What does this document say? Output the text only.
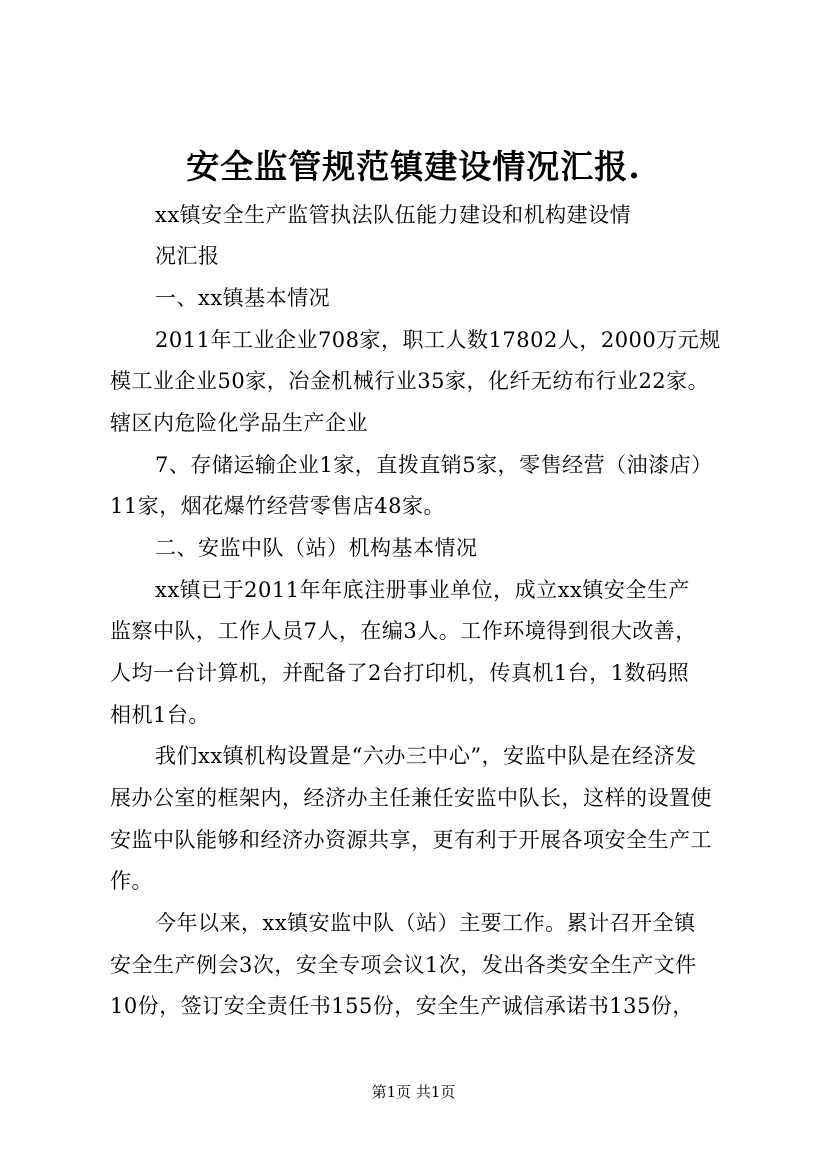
安全监管规范镇建设情况汇报.
xx镇安全生产监管执法队伍能力建设和机构建设情
况汇报
一、xx镇基本情况
2011年工业企业708家，职工人数17802人，2000万元规
模工业企业50家，冶金机械行业35家，化纤无纺布行业22家。
辖区内危险化学品生产企业
7、存储运输企业1家，直拨直销5家，零售经营（油漆店）
11家，烟花爆竹经营零售店48家。
二、安监中队（站）机构基本情况
xx镇已于2011年年底注册事业单位，成立xx镇安全生产
监察中队，工作人员7人，在编3人。工作环境得到很大改善，
人均一台计算机，并配备了2台打印机，传真机1台，1数码照
相机1台。
我们xx镇机构设置是“六办三中心”，安监中队是在经济发
展办公室的框架内，经济办主任兼任安监中队长，这样的设置使
安监中队能够和经济办资源共享，更有利于开展各项安全生产工
作。
今年以来，xx镇安监中队（站）主要工作。累计召开全镇
安全生产例会3次，安全专项会议1次，发出各类安全生产文件
10份，签订安全责任书155份，安全生产诚信承诺书135份，
第1页 共1页
